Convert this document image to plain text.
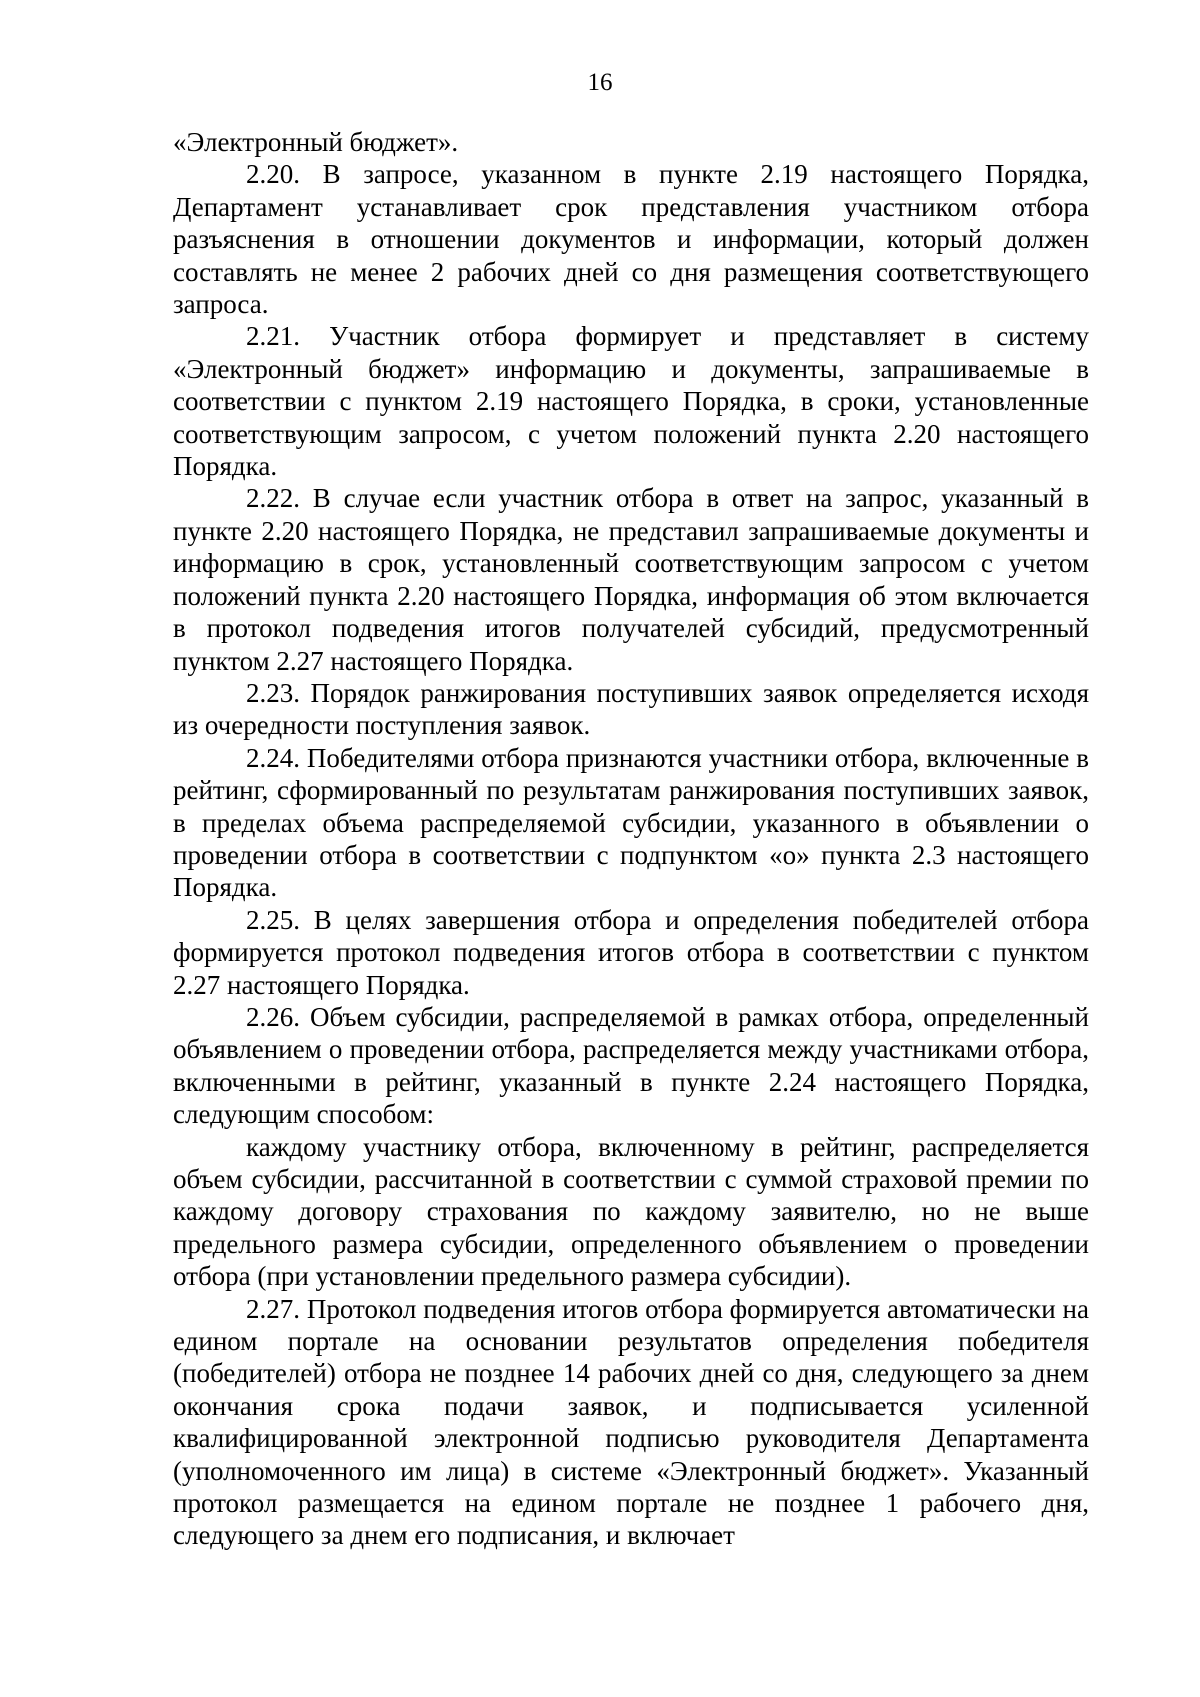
16

«Электронный бюджет».

2.20. В запросе, указанном в пункте 2.19 настоящего Порядка, Департамент устанавливает срок представления участником отбора разъяснения в отношении документов и информации, который должен составлять не менее 2 рабочих дней со дня размещения соответствующего запроса.

2.21. Участник отбора формирует и представляет в систему «Электронный бюджет» информацию и документы, запрашиваемые в соответствии с пунктом 2.19 настоящего Порядка, в сроки, установленные соответствующим запросом, с учетом положений пункта 2.20 настоящего Порядка.

2.22. В случае если участник отбора в ответ на запрос, указанный в пункте 2.20 настоящего Порядка, не представил запрашиваемые документы и информацию в срок, установленный соответствующим запросом с учетом положений пункта 2.20 настоящего Порядка, информация об этом включается в протокол подведения итогов получателей субсидий, предусмотренный пунктом 2.27 настоящего Порядка.

2.23. Порядок ранжирования поступивших заявок определяется исходя из очередности поступления заявок.

2.24. Победителями отбора признаются участники отбора, включенные в рейтинг, сформированный по результатам ранжирования поступивших заявок, в пределах объема распределяемой субсидии, указанного в объявлении о проведении отбора в соответствии с подпунктом «о» пункта 2.3 настоящего Порядка.

2.25. В целях завершения отбора и определения победителей отбора формируется протокол подведения итогов отбора в соответствии с пунктом 2.27 настоящего Порядка.

2.26. Объем субсидии, распределяемой в рамках отбора, определенный объявлением о проведении отбора, распределяется между участниками отбора, включенными в рейтинг, указанный в пункте 2.24 настоящего Порядка, следующим способом:

каждому участнику отбора, включенному в рейтинг, распределяется объем субсидии, рассчитанной в соответствии с суммой страховой премии по каждому договору страхования по каждому заявителю, но не выше предельного размера субсидии, определенного объявлением о проведении отбора (при установлении предельного размера субсидии).

2.27. Протокол подведения итогов отбора формируется автоматически на едином портале на основании результатов определения победителя (победителей) отбора не позднее 14 рабочих дней со дня, следующего за днем окончания срока подачи заявок, и подписывается усиленной квалифицированной электронной подписью руководителя Департамента (уполномоченного им лица) в системе «Электронный бюджет». Указанный протокол размещается на едином портале не позднее 1 рабочего дня, следующего за днем его подписания, и включает
